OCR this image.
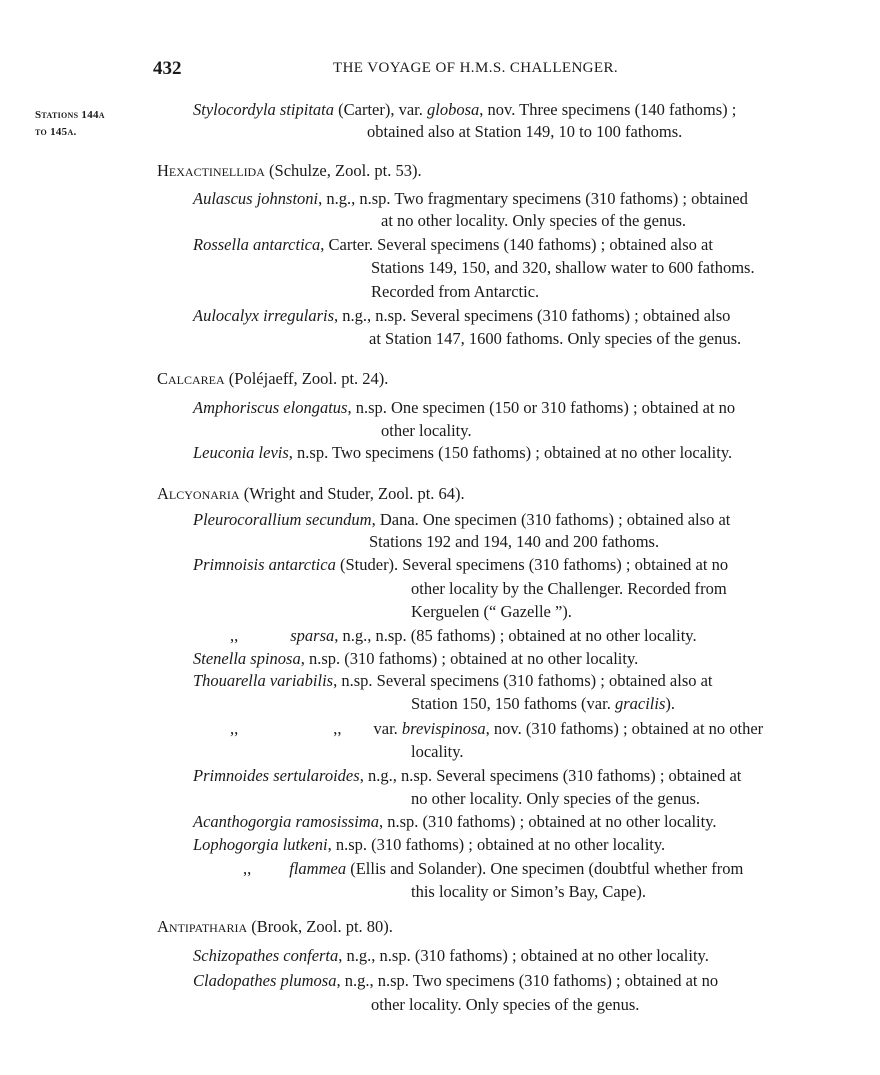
432	THE VOYAGE OF H.M.S. CHALLENGER.
Stations 144a
to 145a.
Stylocordyla stipitata (Carter), var. globosa, nov. Three specimens (140 fathoms) ;
obtained also at Station 149, 10 to 100 fathoms.
Hexactinellida (Schulze, Zool. pt. 53).
Aulascus johnstoni, n.g., n.sp. Two fragmentary specimens (310 fathoms) ; obtained
at no other locality. Only species of the genus.
Rossella antarctica, Carter. Several specimens (140 fathoms) ; obtained also at
Stations 149, 150, and 320, shallow water to 600 fathoms.
Recorded from Antarctic.
Aulocalyx irregularis, n.g., n.sp. Several specimens (310 fathoms) ; obtained also
at Station 147, 1600 fathoms. Only species of the genus.
Calcarea (Poléjaeff, Zool. pt. 24).
Amphoriscus elongatus, n.sp. One specimen (150 or 310 fathoms) ; obtained at no
other locality.
Leuconia levis, n.sp. Two specimens (150 fathoms) ; obtained at no other locality.
Alcyonaria (Wright and Studer, Zool. pt. 64).
Pleurocorallium secundum, Dana. One specimen (310 fathoms) ; obtained also at
Stations 192 and 194, 140 and 200 fathoms.
Primnoisis antarctica (Studer). Several specimens (310 fathoms) ; obtained at no
other locality by the Challenger. Recorded from
Kerguelen (“ Gazelle ”).
,,	sparsa, n.g., n.sp. (85 fathoms) ; obtained at no other locality.
Stenella spinosa, n.sp. (310 fathoms) ; obtained at no other locality.
Thouarella variabilis, n.sp. Several specimens (310 fathoms) ; obtained also at
Station 150, 150 fathoms (var. gracilis).
,,	,, var. brevispinosa, nov. (310 fathoms) ; obtained at no other
locality.
Primnoides sertularoides, n.g., n.sp. Several specimens (310 fathoms) ; obtained at
no other locality. Only species of the genus.
Acanthogorgia ramosissima, n.sp. (310 fathoms) ; obtained at no other locality.
Lophogorgia lutkeni, n.sp. (310 fathoms) ; obtained at no other locality.
,, flammea (Ellis and Solander). One specimen (doubtful whether from
this locality or Simon’s Bay, Cape).
Antipatharia (Brook, Zool. pt. 80).
Schizopathes conferta, n.g., n.sp. (310 fathoms) ; obtained at no other locality.
Cladopathes plumosa, n.g., n.sp. Two specimens (310 fathoms) ; obtained at no
other locality. Only species of the genus.
